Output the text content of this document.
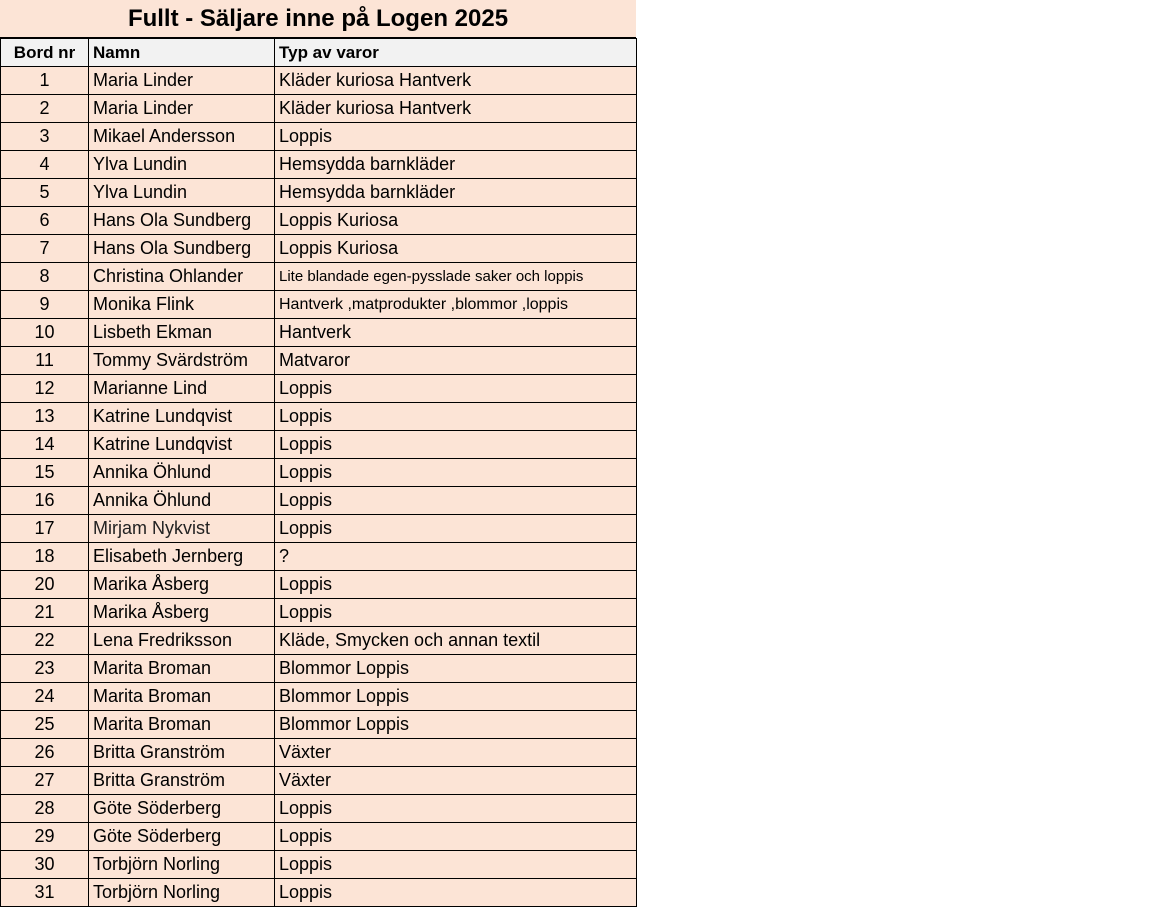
Fullt - Säljare inne på Logen 2025
Bord nr	Namn	Typ av varor
1	Maria Linder	Kläder kuriosa Hantverk
2	Maria Linder	Kläder kuriosa Hantverk
3	Mikael Andersson	Loppis
4	Ylva Lundin	Hemsydda barnkläder
5	Ylva Lundin	Hemsydda barnkläder
6	Hans Ola Sundberg	Loppis Kuriosa
7	Hans Ola Sundberg	Loppis Kuriosa
8	Christina Ohlander	Lite blandade egen-pysslade saker och loppis
9	Monika Flink	Hantverk ,matprodukter ,blommor ,loppis
10	Lisbeth Ekman	Hantverk
11	Tommy Svärdström	Matvaror
12	Marianne Lind	Loppis
13	Katrine Lundqvist	Loppis
14	Katrine Lundqvist	Loppis
15	Annika Öhlund	Loppis
16	Annika Öhlund	Loppis
17	Mirjam Nykvist	Loppis
18	Elisabeth Jernberg	?
20	Marika Åsberg	Loppis
21	Marika Åsberg	Loppis
22	Lena Fredriksson	Kläde, Smycken och annan textil
23	Marita Broman	Blommor Loppis
24	Marita Broman	Blommor Loppis
25	Marita Broman	Blommor Loppis
26	Britta Granström	Växter
27	Britta Granström	Växter
28	Göte Söderberg	Loppis
29	Göte Söderberg	Loppis
30	Torbjörn Norling	Loppis
31	Torbjörn Norling	Loppis
